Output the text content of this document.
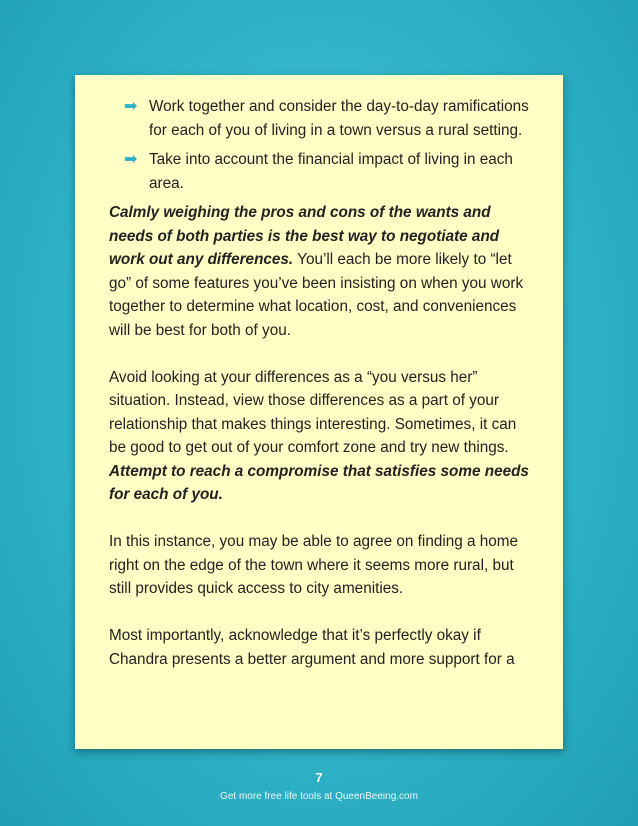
➡ Work together and consider the day-to-day ramifications for each of you of living in a town versus a rural setting.
➡ Take into account the financial impact of living in each area.

Calmly weighing the pros and cons of the wants and needs of both parties is the best way to negotiate and work out any differences. You’ll each be more likely to “let go” of some features you’ve been insisting on when you work together to determine what location, cost, and conveniences will be best for both of you.

Avoid looking at your differences as a “you versus her” situation. Instead, view those differences as a part of your relationship that makes things interesting. Sometimes, it can be good to get out of your comfort zone and try new things. Attempt to reach a compromise that satisfies some needs for each of you.

In this instance, you may be able to agree on finding a home right on the edge of the town where it seems more rural, but still provides quick access to city amenities.

Most importantly, acknowledge that it’s perfectly okay if Chandra presents a better argument and more support for a

7
Get more free life tools at QueenBeeing.com
